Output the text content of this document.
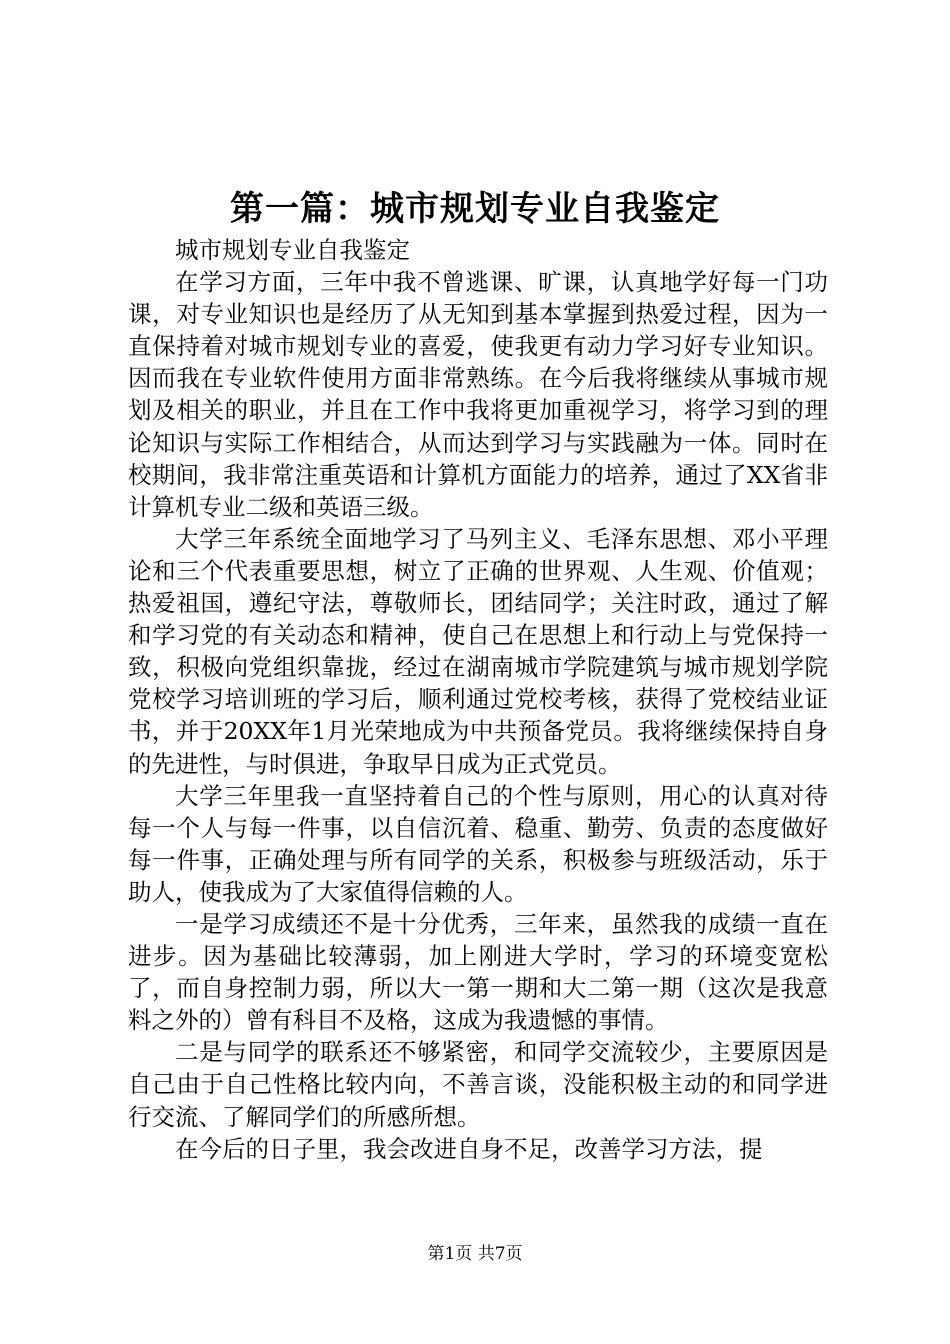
第一篇：城市规划专业自我鉴定

城市规划专业自我鉴定

在学习方面，三年中我不曾逃课、旷课，认真地学好每一门功课，对专业知识也是经历了从无知到基本掌握到热爱过程，因为一直保持着对城市规划专业的喜爱，使我更有动力学习好专业知识。因而我在专业软件使用方面非常熟练。在今后我将继续从事城市规划及相关的职业，并且在工作中我将更加重视学习，将学习到的理论知识与实际工作相结合，从而达到学习与实践融为一体。同时在校期间，我非常注重英语和计算机方面能力的培养，通过了XX省非计算机专业二级和英语三级。

大学三年系统全面地学习了马列主义、毛泽东思想、邓小平理论和三个代表重要思想，树立了正确的世界观、人生观、价值观；热爱祖国，遵纪守法，尊敬师长，团结同学；关注时政，通过了解和学习党的有关动态和精神，使自己在思想上和行动上与党保持一致，积极向党组织靠拢，经过在湖南城市学院建筑与城市规划学院党校学习培训班的学习后，顺利通过党校考核，获得了党校结业证书，并于20XX年1月光荣地成为中共预备党员。我将继续保持自身的先进性，与时俱进，争取早日成为正式党员。

大学三年里我一直坚持着自己的个性与原则，用心的认真对待每一个人与每一件事，以自信沉着、稳重、勤劳、负责的态度做好每一件事，正确处理与所有同学的关系，积极参与班级活动，乐于助人，使我成为了大家值得信赖的人。

一是学习成绩还不是十分优秀，三年来，虽然我的成绩一直在进步。因为基础比较薄弱，加上刚进大学时，学习的环境变宽松了，而自身控制力弱，所以大一第一期和大二第一期（这次是我意料之外的）曾有科目不及格，这成为我遗憾的事情。

二是与同学的联系还不够紧密，和同学交流较少，主要原因是自己由于自己性格比较内向，不善言谈，没能积极主动的和同学进行交流、了解同学们的所感所想。

在今后的日子里，我会改进自身不足，改善学习方法，提

第1页 共7页
